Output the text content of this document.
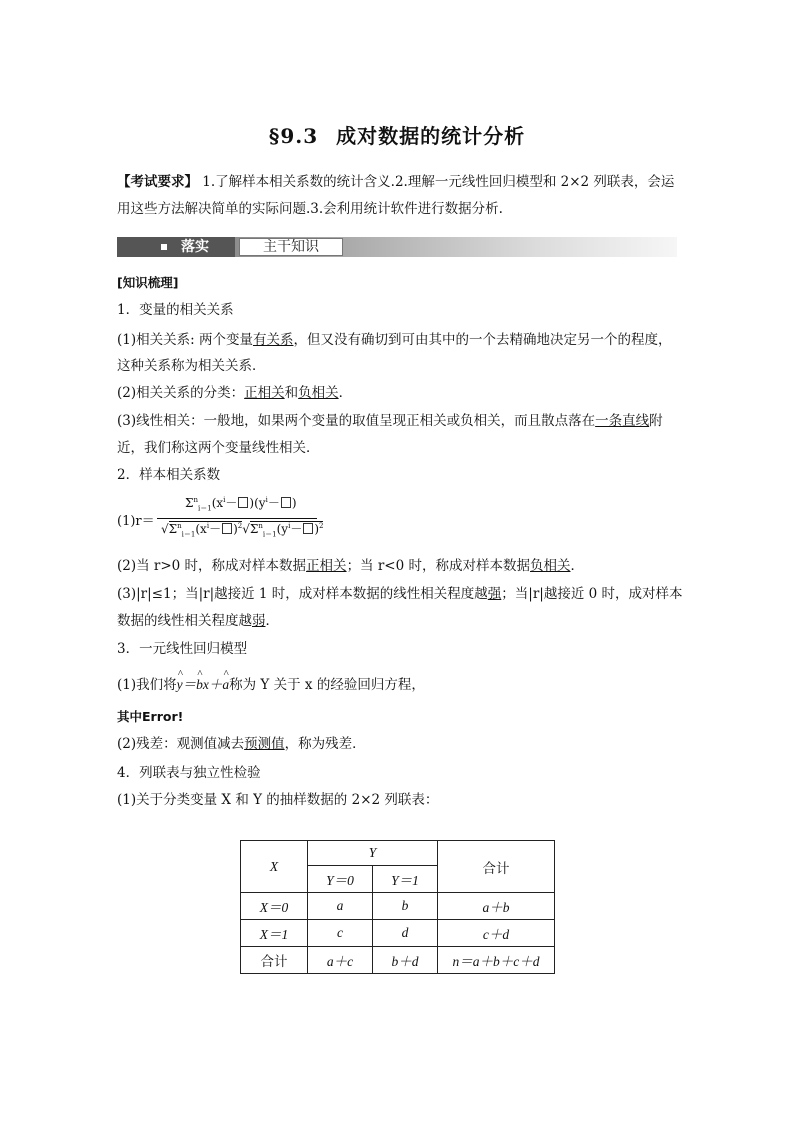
§9.3 成对数据的统计分析
【考试要求】 1.了解样本相关系数的统计含义.2.理解一元线性回归模型和 2×2 列联表，会运
用这些方法解决简单的实际问题.3.会利用统计软件进行数据分析.
落实	主干知识
[知识梳理]
1．变量的相关关系
(1)相关关系: 两个变量有关系，但又没有确切到可由其中的一个去精确地决定另一个的程度，
这种关系称为相关关系．
(2)相关关系的分类：正相关和负相关．
(3)线性相关：一般地，如果两个变量的取值呈现正相关或负相关，而且散点落在一条直线附
近，我们称这两个变量线性相关．
2．样本相关系数
(1)r＝
$\Sigma^n_{i=1}(x^i- )(y^i-$ )
$√\Sigma^n_{i=1}(x^i- )^2√\Sigma^n_{i=1}(y^i- )^2$
(2)当 r>0 时，称成对样本数据正相关；当 r<0 时，称成对样本数据负相关．
(3)|r|≤1；当|r|越接近 1 时，成对样本数据的线性相关程度越强；当|r|越接近 0 时，成对样本
数据的线性相关程度越弱．
3．一元线性回归模型
(1)我们将^ y＝^ bx＋^ a称为 Y 关于 x 的经验回归方程，
其中Error!
(2)残差：观测值减去预测值，称为残差．
4．列联表与独立性检验
(1)关于分类变量 X 和 Y 的抽样数据的 2×2 列联表：
X	Y		合计
	Y＝0	Y＝1	
X＝0	a	b	a＋b
X＝1	c	d	c＋d
合计	a＋c	b＋d	n＝a＋b＋c＋d
